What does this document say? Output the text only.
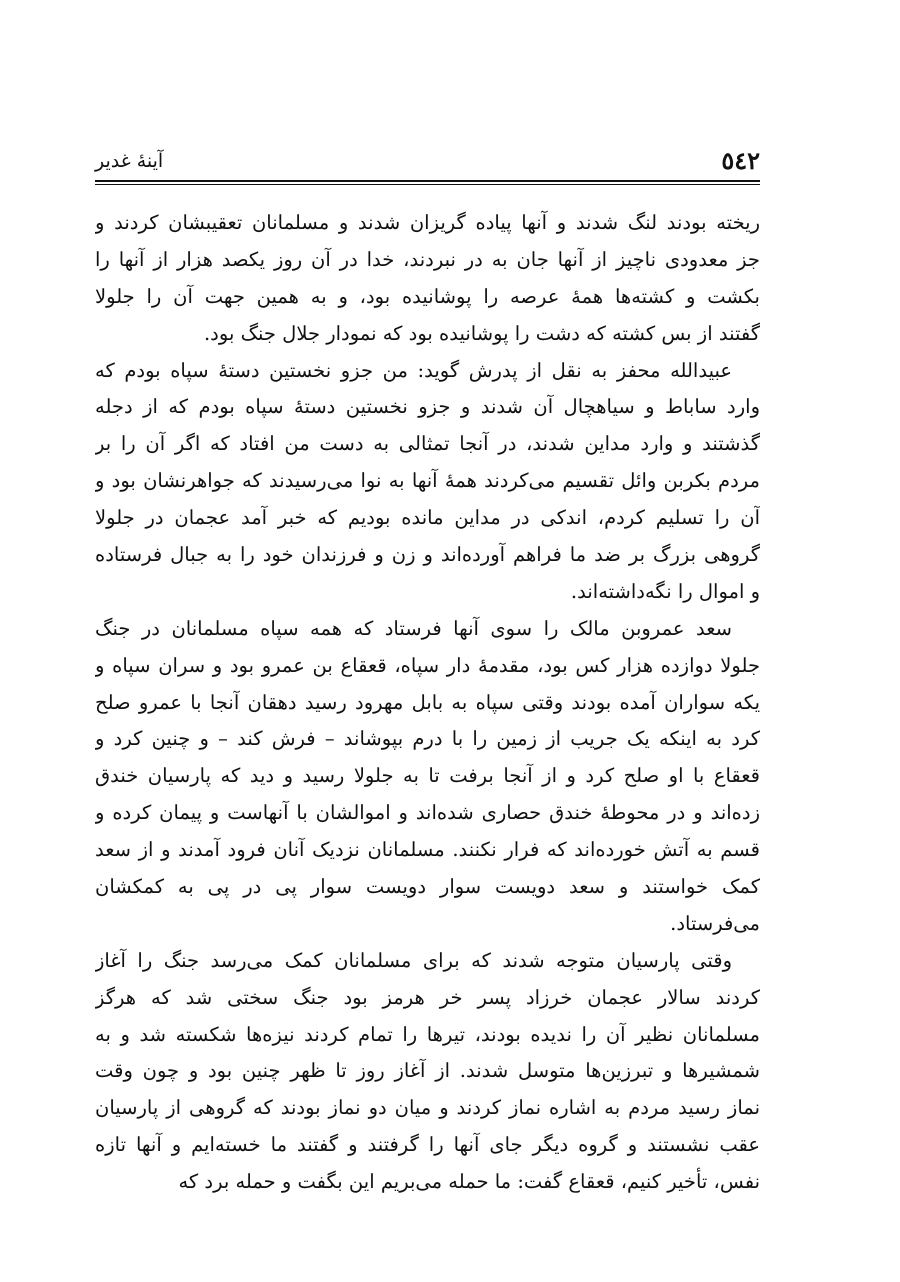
٥٤٢
آینهٔ غدیر
ریخته بودند لنگ شدند و آنها پیاده گریزان شدند و مسلمانان تعقیبشان کردند و
جز معدودی ناچیز از آنها جان به در نبردند، خدا در آن روز یکصد هزار از آنها را
بکشت و کشته‌ها همهٔ عرصه را پوشانیده بود، و به همین جهت آن را جلولا
گفتند از بس کشته که دشت را پوشانیده بود که نمودار جلال جنگ بود.
عبیدالله محفز به نقل از پدرش گوید: من جزو نخستین دستهٔ سپاه بودم که
وارد ساباط و سیاهچال آن شدند و جزو نخستین دستهٔ سپاه بودم که از دجله
گذشتند و وارد مداین شدند، در آنجا تمثالی به دست من افتاد که اگر آن را بر
مردم بکربن وائل تقسیم می‌کردند همهٔ آنها به نوا می‌رسیدند که جواهرنشان بود و
آن را تسلیم کردم، اندکی در مداین مانده بودیم که خبر آمد عجمان در جلولا
گروهی بزرگ بر ضد ما فراهم آورده‌اند و زن و فرزندان خود را به جبال فرستاده
و اموال را نگه‌داشته‌اند.
سعد عمروبن مالک را سوی آنها فرستاد که همه سپاه مسلمانان در جنگ
جلولا دوازده هزار کس بود، مقدمهٔ دار سپاه، قعقاع بن عمرو بود و سران سپاه و
یکه سواران آمده بودند وقتی سپاه به بابل مهرود رسید دهقان آنجا با عمرو صلح
کرد به اینکه یک جریب از زمین را با درم بپوشاند – فرش کند – و چنین کرد و
قعقاع با او صلح کرد و از آنجا برفت تا به جلولا رسید و دید که پارسیان خندق
زده‌اند و در محوطهٔ خندق حصاری شده‌اند و اموالشان با آنهاست و پیمان کرده و
قسم به آتش خورده‌اند که فرار نکنند. مسلمانان نزدیک آنان فرود آمدند و از سعد
کمک خواستند و سعد دویست سوار دویست سوار پی در پی به کمکشان
می‌فرستاد.
وقتی پارسیان متوجه شدند که برای مسلمانان کمک می‌رسد جنگ را آغاز
کردند سالار عجمان خرزاد پسر خر هرمز بود جنگ سختی شد که هرگز
مسلمانان نظیر آن را ندیده بودند، تیرها را تمام کردند نیزه‌ها شکسته شد و به
شمشیرها و تبرزین‌ها متوسل شدند. از آغاز روز تا ظهر چنین بود و چون وقت
نماز رسید مردم به اشاره نماز کردند و میان دو نماز بودند که گروهی از پارسیان
عقب نشستند و گروه دیگر جای آنها را گرفتند و گفتند ما خسته‌ایم و آنها تازه
نفس، تأخیر کنیم، قعقاع گفت: ما حمله می‌بریم این بگفت و حمله برد که
